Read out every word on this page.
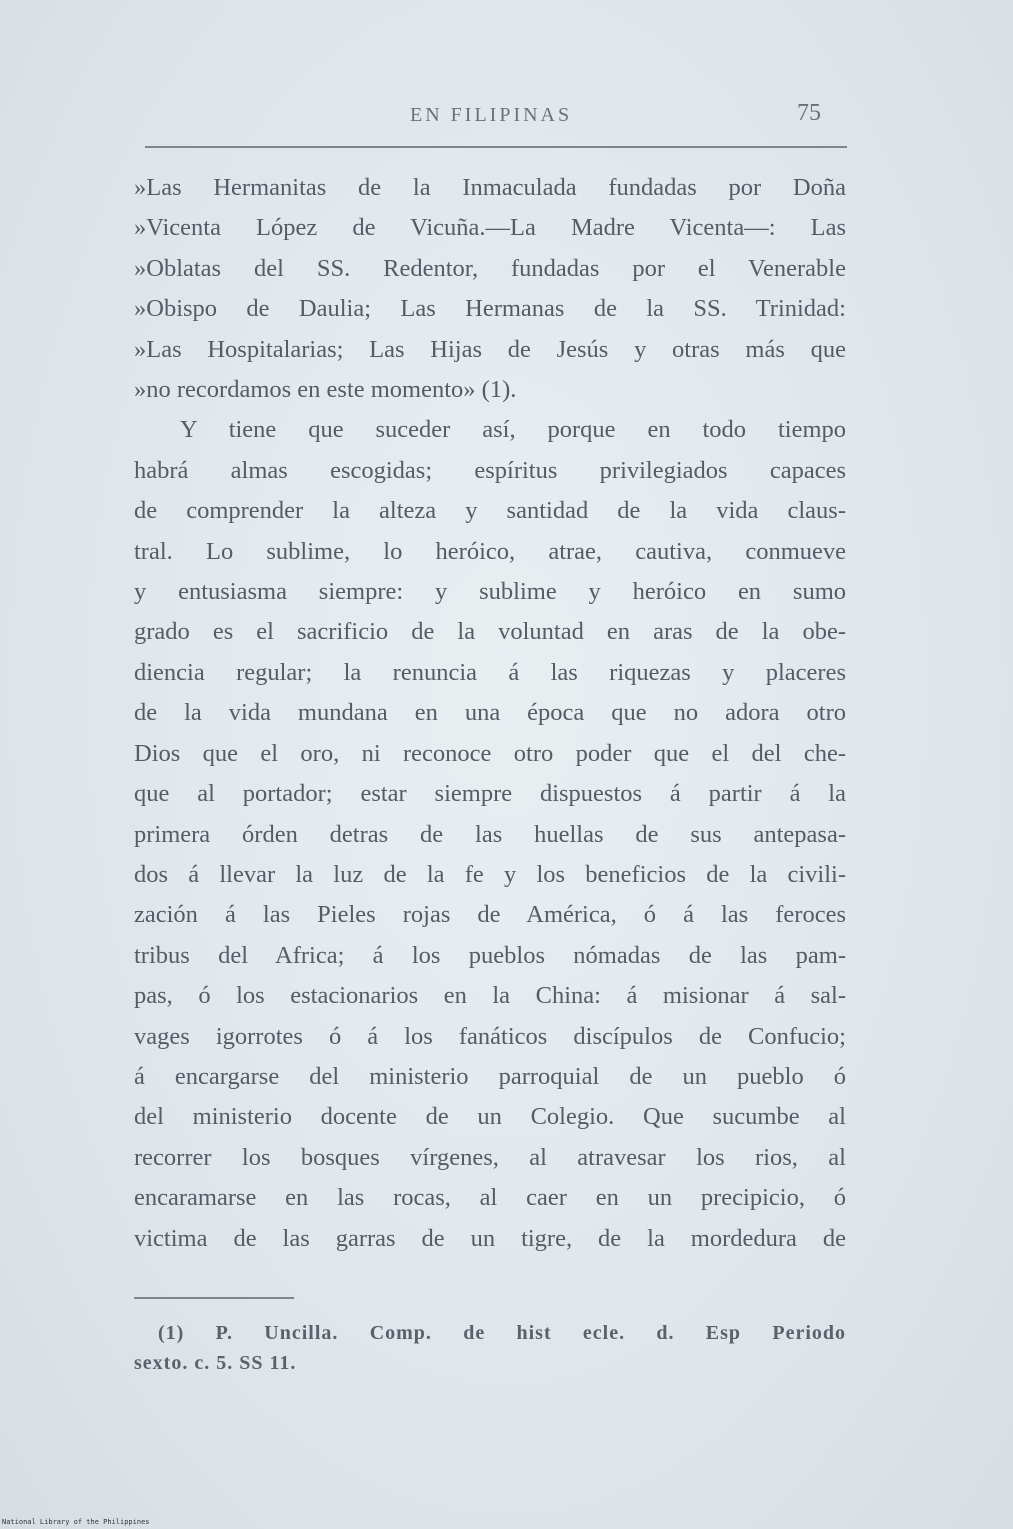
EN FILIPINAS	75

»Las Hermanitas de la Inmaculada fundadas por Doña
»Vicenta López de Vicuña.—La Madre Vicenta—: Las
»Oblatas del SS. Redentor, fundadas por el Venerable
»Obispo de Daulia; Las Hermanas de la SS. Trinidad:
»Las Hospitalarias; Las Hijas de Jesús y otras más que
»no recordamos en este momento» (1).

Y tiene que suceder así, porque en todo tiempo
habrá almas escogidas; espíritus privilegiados capaces
de comprender la alteza y santidad de la vida claus-
tral. Lo sublime, lo heróico, atrae, cautiva, conmueve
y entusiasma siempre: y sublime y heróico en sumo
grado es el sacrificio de la voluntad en aras de la obe-
diencia regular; la renuncia á las riquezas y placeres
de la vida mundana en una época que no adora otro
Dios que el oro, ni reconoce otro poder que el del che-
que al portador; estar siempre dispuestos á partir á la
primera órden detras de las huellas de sus antepasa-
dos á llevar la luz de la fe y los beneficios de la civili-
zación á las Pieles rojas de América, ó á las feroces
tribus del Africa; á los pueblos nómadas de las pam-
pas, ó los estacionarios en la China: á misionar á sal-
vages igorrotes ó á los fanáticos discípulos de Confucio;
á encargarse del ministerio parroquial de un pueblo ó
del ministerio docente de un Colegio. Que sucumbe al
recorrer los bosques vírgenes, al atravesar los rios, al
encaramarse en las rocas, al caer en un precipicio, ó
victima de las garras de un tigre, de la mordedura de

(1) P. Uncilla. Comp. de hist ecle. d. Esp Periodo
sexto. c. 5. SS 11.
National Library of the Philippines
